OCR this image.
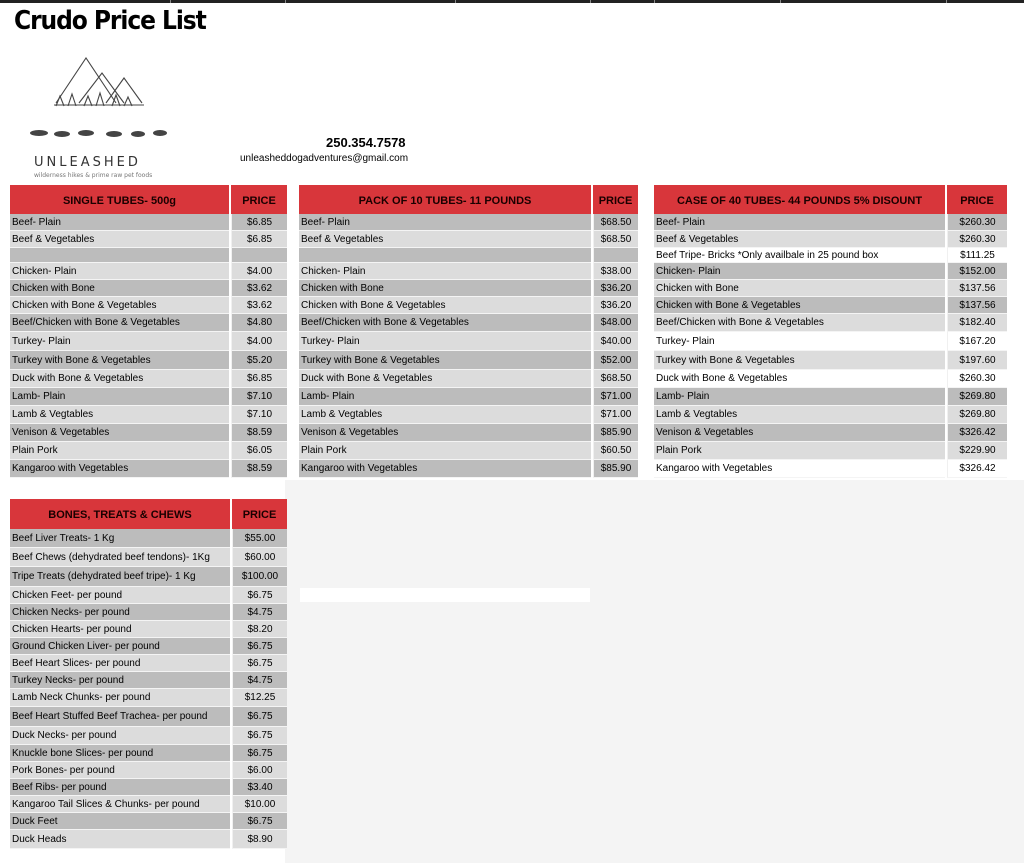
Crudo Price List
UNLEASHED
wilderness hikes & prime raw pet foods
250.354.7578
unleasheddogadventures@gmail.com
SINGLE TUBES- 500g	PRICE
Beef- Plain	$6.85
Beef & Vegetables	$6.85
Chicken- Plain	$4.00
Chicken with Bone	$3.62
Chicken with Bone & Vegetables	$3.62
Beef/Chicken with Bone & Vegetables	$4.80
Turkey- Plain	$4.00
Turkey with Bone & Vegetables	$5.20
Duck with Bone & Vegetables	$6.85
Lamb- Plain	$7.10
Lamb & Vegtables	$7.10
Venison & Vegetables	$8.59
Plain Pork	$6.05
Kangaroo with Vegetables	$8.59
PACK OF 10 TUBES- 11 POUNDS	PRICE
Beef- Plain	$68.50
Beef & Vegetables	$68.50
Chicken- Plain	$38.00
Chicken with Bone	$36.20
Chicken with Bone & Vegetables	$36.20
Beef/Chicken with Bone & Vegetables	$48.00
Turkey- Plain	$40.00
Turkey with Bone & Vegetables	$52.00
Duck with Bone & Vegetables	$68.50
Lamb- Plain	$71.00
Lamb & Vegtables	$71.00
Venison & Vegetables	$85.90
Plain Pork	$60.50
Kangaroo with Vegetables	$85.90
CASE OF 40 TUBES- 44 POUNDS 5% DISOUNT	PRICE
Beef- Plain	$260.30
Beef & Vegetables	$260.30
Beef Tripe- Bricks *Only availbale in 25 pound box	$111.25
Chicken- Plain	$152.00
Chicken with Bone	$137.56
Chicken with Bone & Vegetables	$137.56
Beef/Chicken with Bone & Vegetables	$182.40
Turkey- Plain	$167.20
Turkey with Bone & Vegetables	$197.60
Duck with Bone & Vegetables	$260.30
Lamb- Plain	$269.80
Lamb & Vegtables	$269.80
Venison & Vegetables	$326.42
Plain Pork	$229.90
Kangaroo with Vegetables	$326.42
BONES, TREATS & CHEWS	PRICE
Beef Liver Treats- 1 Kg	$55.00
Beef Chews (dehydrated beef tendons)- 1Kg	$60.00
Tripe Treats (dehydrated beef tripe)- 1 Kg	$100.00
Chicken Feet- per pound	$6.75
Chicken Necks- per pound	$4.75
Chicken Hearts- per pound	$8.20
Ground Chicken Liver- per pound	$6.75
Beef Heart Slices- per pound	$6.75
Turkey Necks- per pound	$4.75
Lamb Neck Chunks- per pound	$12.25
Beef Heart Stuffed Beef Trachea- per pound	$6.75
Duck Necks- per pound	$6.75
Knuckle bone Slices- per pound	$6.75
Pork Bones- per pound	$6.00
Beef Ribs- per pound	$3.40
Kangaroo Tail Slices & Chunks- per pound	$10.00
Duck Feet	$6.75
Duck Heads	$8.90
